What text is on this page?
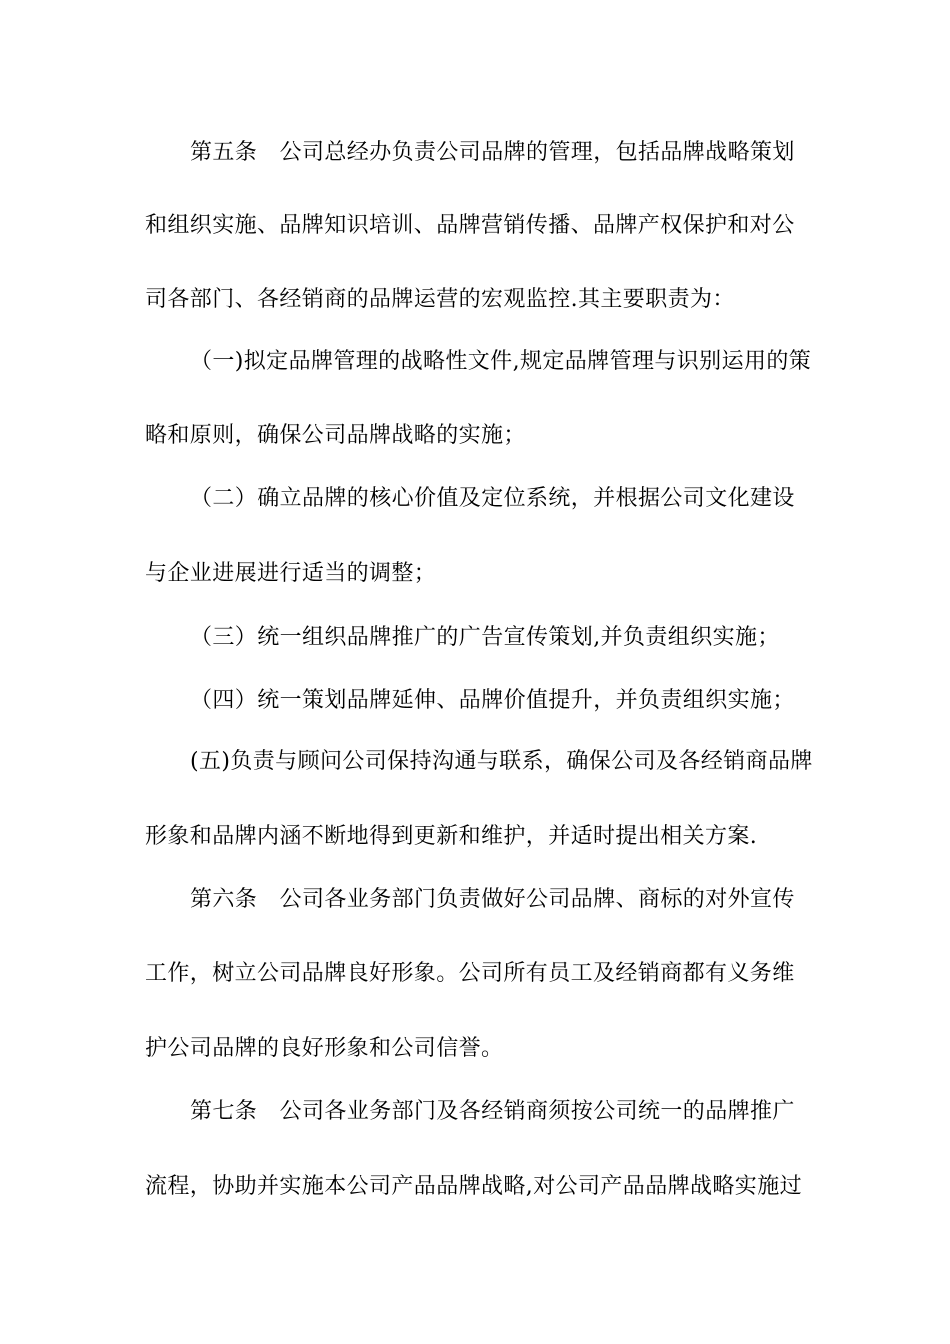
第五条　公司总经办负责公司品牌的管理，包括品牌战略策划
和组织实施、品牌知识培训、品牌营销传播、品牌产权保护和对公
司各部门、各经销商的品牌运营的宏观监控.其主要职责为：
（一)拟定品牌管理的战略性文件,规定品牌管理与识别运用的策
略和原则，确保公司品牌战略的实施；
（二）确立品牌的核心价值及定位系统，并根据公司文化建设
与企业进展进行适当的调整；
（三）统一组织品牌推广的广告宣传策划,并负责组织实施；
（四）统一策划品牌延伸、品牌价值提升，并负责组织实施；
(五)负责与顾问公司保持沟通与联系，确保公司及各经销商品牌
形象和品牌内涵不断地得到更新和维护，并适时提出相关方案.
第六条　公司各业务部门负责做好公司品牌、商标的对外宣传
工作，树立公司品牌良好形象。公司所有员工及经销商都有义务维
护公司品牌的良好形象和公司信誉。
第七条　公司各业务部门及各经销商须按公司统一的品牌推广
流程，协助并实施本公司产品品牌战略,对公司产品品牌战略实施过
